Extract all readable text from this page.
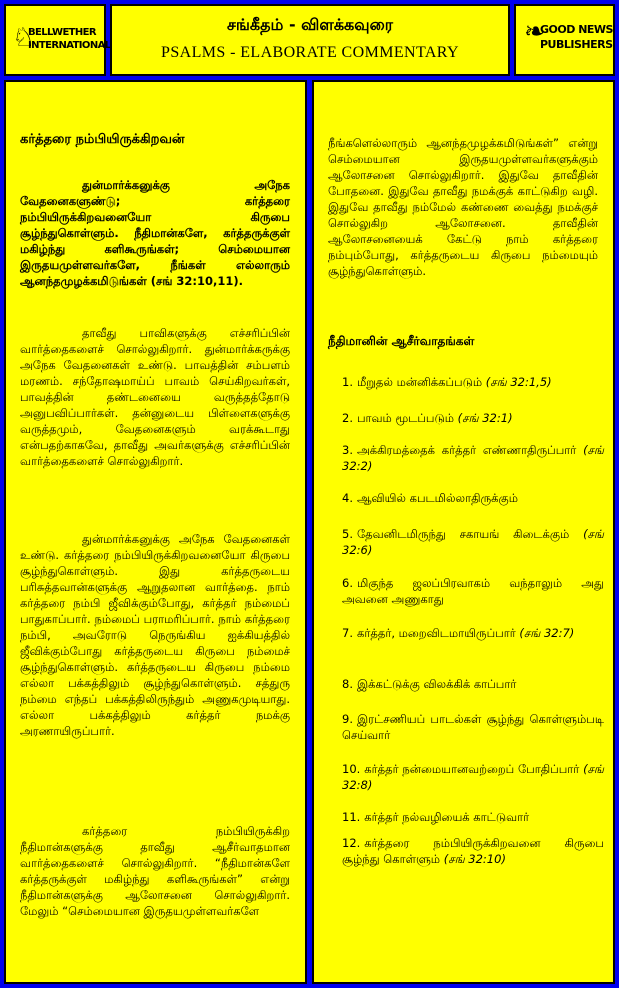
♘
BELLWETHER
INTERNATIONAL
சங்கீதம் - விளக்கவுரை
PSALMS - ELABORATE COMMENTARY
❧
GOOD NEWS
PUBLISHERS
கர்த்தரை நம்பியிருக்கிறவன்

துன்மார்க்கனுக்கு அநேக வேதனைகளுண்டு; கர்த்தரை நம்பியிருக்கிறவனையோ கிருபை சூழ்ந்துகொள்ளும். நீதிமான்களே, கர்த்தருக்குள் மகிழ்ந்து களிகூருங்கள்; செம்மையான இருதயமுள்ளவர்களே, நீங்கள் எல்லாரும் ஆனந்தமுழக்கமிடுங்கள் (சங் 32:10,11).

தாவீது பாவிகளுக்கு எச்சரிப்பின் வார்த்தைகளைச் சொல்லுகிறார். துன்மார்க்கருக்கு அநேக வேதனைகள் உண்டு. பாவத்தின் சம்பளம் மரணம். சந்தோஷமாய்ப் பாவம் செய்கிறவர்கள், பாவத்தின் தண்டனையை வருத்தத்தோடு அனுபவிப்பார்கள். தன்னுடைய பிள்ளைகளுக்கு வருத்தமும், வேதனைகளும் வரக்கூடாது என்பதற்காகவே, தாவீது அவர்களுக்கு எச்சரிப்பின் வார்த்தைகளைச் சொல்லுகிறார்.

துன்மார்க்கனுக்கு அநேக வேதனைகள் உண்டு. கர்த்தரை நம்பியிருக்கிறவனையோ கிருபை சூழ்ந்துகொள்ளும். இது கர்த்தருடைய பரிசுத்தவான்களுக்கு ஆறுதலான வார்த்தை. நாம் கர்த்தரை நம்பி ஜீவிக்கும்போது, கர்த்தர் நம்மைப் பாதுகாப்பார். நம்மைப் பராமரிப்பார். நாம் கர்த்தரை நம்பி, அவரோடு நெருங்கிய ஐக்கியத்தில் ஜீவிக்கும்போது கர்த்தருடைய கிருபை நம்மைச் சூழ்ந்துகொள்ளும். கர்த்தருடைய கிருபை நம்மை எல்லா பக்கத்திலும் சூழ்ந்துகொள்ளும். சத்துரு நம்மை எந்தப் பக்கத்திலிருந்தும் அணுகமுடியாது. எல்லா பக்கத்திலும் கர்த்தர் நமக்கு அரணாயிருப்பார்.

கர்த்தரை நம்பியிருக்கிற நீதிமான்களுக்கு தாவீது ஆசீர்வாதமான வார்த்தைகளைச் சொல்லுகிறார். “நீதிமான்களே கர்த்தருக்குள் மகிழ்ந்து களிகூருங்கள்” என்று நீதிமான்களுக்கு ஆலோசனை சொல்லுகிறார். மேலும் “செம்மையான இருதயமுள்ளவர்களே

நீங்களெல்லாரும் ஆனந்தமுழக்கமிடுங்கள்” என்று செம்மையான இருதயமுள்ளவர்களுக்கும் ஆலோசனை சொல்லுகிறார். இதுவே தாவீதின் போதனை. இதுவே தாவீது நமக்குக் காட்டுகிற வழி. இதுவே தாவீது நம்மேல் கண்ணை வைத்து நமக்குச் சொல்லுகிற ஆலோசனை. தாவீதின் ஆலோசனையைக் கேட்டு நாம் கர்த்தரை நம்பும்போது, கர்த்தருடைய கிருபை நம்மையும் சூழ்ந்துகொள்ளும்.

நீதிமானின் ஆசீர்வாதங்கள்
1. மீறுதல் மன்னிக்கப்படும் (சங் 32:1,5)
2. பாவம் மூடப்படும் (சங் 32:1)
3. அக்கிரமத்தைக் கர்த்தர் எண்ணாதிருப்பார் (சங் 32:2)
4. ஆவியில் கபடமில்லாதிருக்கும்
5. தேவனிடமிருந்து சகாயங் கிடைக்கும் (சங் 32:6)
6. மிகுந்த ஜலப்பிரவாகம் வந்தாலும் அது அவனை அணுகாது
7. கர்த்தர், மறைவிடமாயிருப்பார் (சங் 32:7)
8. இக்கட்டுக்கு விலக்கிக் காப்பார்
9. இரட்சணியப் பாடல்கள் சூழ்ந்து கொள்ளும்படி செய்வார்
10. கர்த்தர் நன்மையானவற்றைப் போதிப்பார் (சங் 32:8)
11. கர்த்தர் நல்வழியைக் காட்டுவார்
12. கர்த்தரை நம்பியிருக்கிறவனை கிருபை சூழ்ந்து கொள்ளும் (சங் 32:10)
